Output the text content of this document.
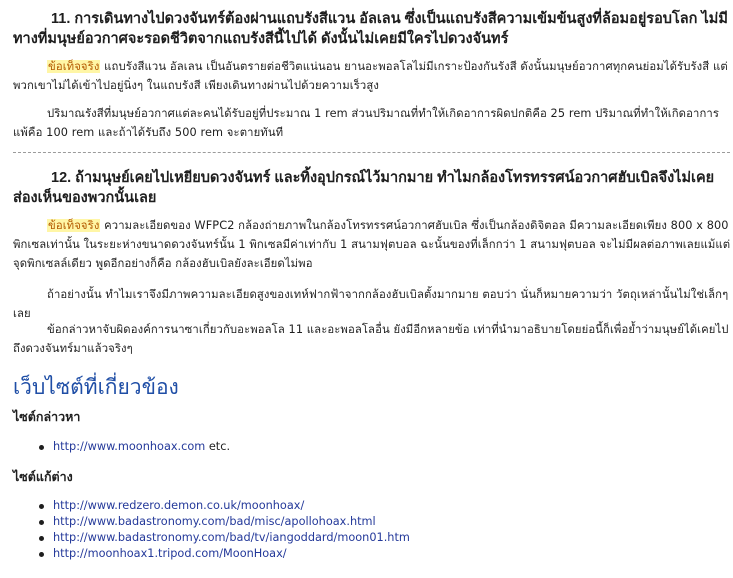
11. การเดินทางไปดวงจันทร์ต้องผ่านแถบรังสีแวน อัลเลน ซึ่งเป็นแถบรังสีความเข้มข้นสูงที่ล้อมอยู่รอบโลก ไม่มีทางที่มนุษย์อวกาศจะรอดชีวิตจากแถบรังสีนี้ไปได้ ดังนั้นไม่เคยมีใครไปดวงจันทร์

ข้อเท็จจริง แถบรังสีแวน อัลเลน เป็นอันตรายต่อชีวิตแน่นอน ยานอะพอลโลไม่มีเกราะป้องกันรังสี ดังนั้นมนุษย์อวกาศทุกคนย่อมได้รับรังสี แต่พวกเขาไม่ได้เข้าไปอยู่นิ่งๆ ในแถบรังสี เพียงเดินทางผ่านไปด้วยความเร็วสูง

ปริมาณรังสีที่มนุษย์อวกาศแต่ละคนได้รับอยู่ที่ประมาณ 1 rem ส่วนปริมาณที่ทำให้เกิดอาการผิดปกติคือ 25 rem ปริมาณที่ทำให้เกิดอาการแพ้คือ 100 rem และถ้าได้รับถึง 500 rem จะตายทันที

12. ถ้ามนุษย์เคยไปเหยียบดวงจันทร์ และทิ้งอุปกรณ์ไว้มากมาย ทำไมกล้องโทรทรรศน์อวกาศฮับเบิลจึงไม่เคยส่องเห็นของพวกนั้นเลย

ข้อเท็จจริง ความละเอียดของ WFPC2 กล้องถ่ายภาพในกล้องโทรทรรศน์อวกาศฮับเบิล ซึ่งเป็นกล้องดิจิตอล มีความละเอียดเพียง 800 x 800 พิกเซลเท่านั้น ในระยะห่างขนาดดวงจันทร์นั้น 1 พิกเซลมีค่าเท่ากับ 1 สนามฟุตบอล ฉะนั้นของที่เล็กกว่า 1 สนามฟุตบอล จะไม่มีผลต่อภาพเลยแม้แต่จุดพิกเซลล์เดียว พูดอีกอย่างก็คือ กล้องฮับเบิลยังละเอียดไม่พอ

ถ้าอย่างนั้น ทำไมเราจึงมีภาพความละเอียดสูงของเทห์ฟากฟ้าจากกล้องฮับเบิลตั้งมากมาย ตอบว่า นั่นก็หมายความว่า วัตถุเหล่านั้นไม่ใช่เล็กๆ เลย

ข้อกล่าวหาจับผิดองค์การนาซาเกี่ยวกับอะพอลโล 11 และอะพอลโลอื่น ยังมีอีกหลายข้อ เท่าที่นำมาอธิบายโดยย่อนี้ก็เพื่อย้ำว่ามนุษย์ได้เคยไปถึงดวงจันทร์มาแล้วจริงๆ

เว็บไซต์ที่เกี่ยวข้อง
ไซต์กล่าวหา
http://www.moonhoax.com etc.
ไซต์แก้ต่าง
http://www.redzero.demon.co.uk/moonhoax/
http://www.badastronomy.com/bad/misc/apollohoax.html
http://www.badastronomy.com/bad/tv/iangoddard/moon01.htm
http://moonhoax1.tripod.com/MoonHoax/
